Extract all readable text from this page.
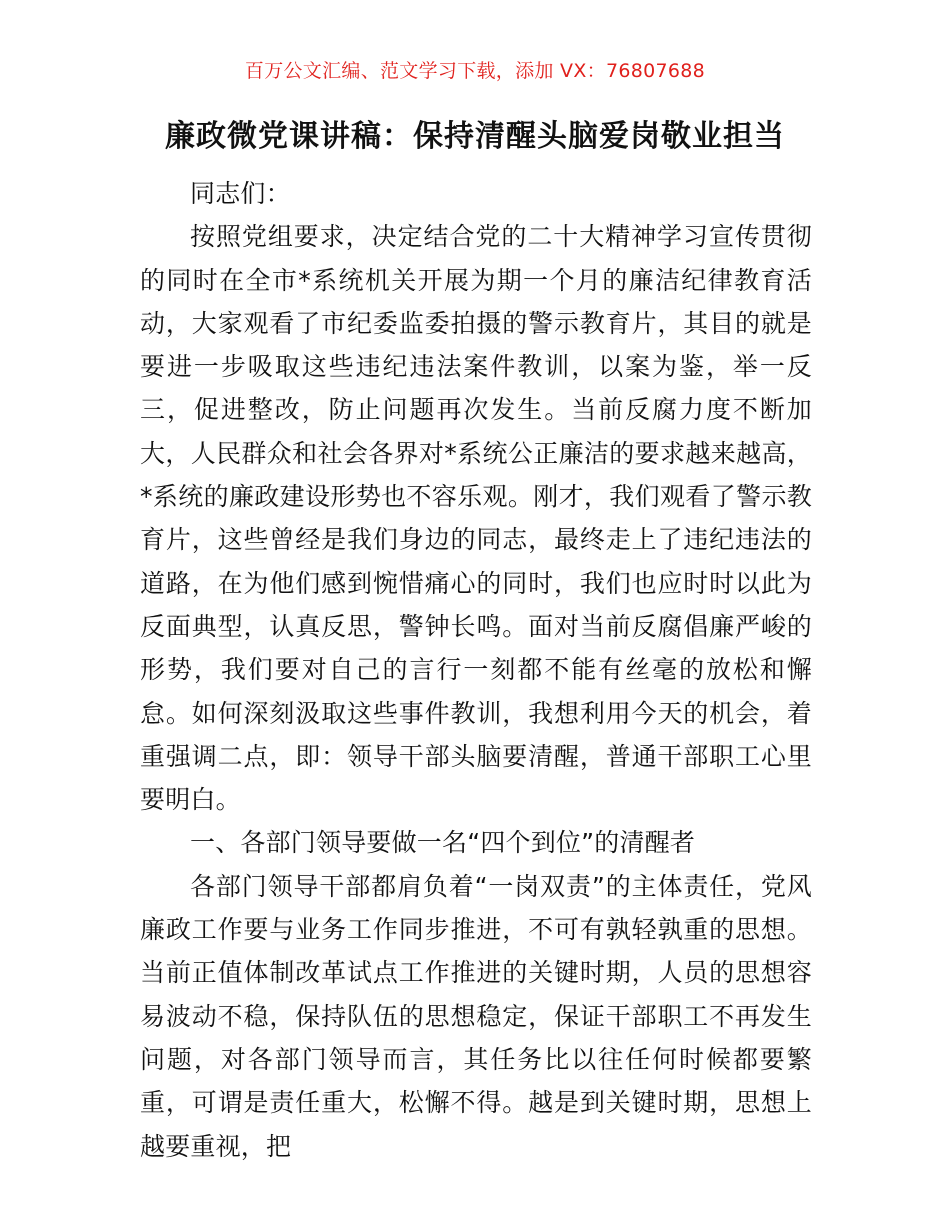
百万公文汇编、范文学习下载，添加 VX：76807688
廉政微党课讲稿：保持清醒头脑爱岗敬业担当

同志们：

按照党组要求，决定结合党的二十大精神学习宣传贯彻的同时在全市*系统机关开展为期一个月的廉洁纪律教育活动，大家观看了市纪委监委拍摄的警示教育片，其目的就是要进一步吸取这些违纪违法案件教训，以案为鉴，举一反三，促进整改，防止问题再次发生。当前反腐力度不断加大，人民群众和社会各界对*系统公正廉洁的要求越来越高，*系统的廉政建设形势也不容乐观。刚才，我们观看了警示教育片，这些曾经是我们身边的同志，最终走上了违纪违法的道路，在为他们感到惋惜痛心的同时，我们也应时时以此为反面典型，认真反思，警钟长鸣。面对当前反腐倡廉严峻的形势，我们要对自己的言行一刻都不能有丝毫的放松和懈怠。如何深刻汲取这些事件教训，我想利用今天的机会，着重强调二点，即：领导干部头脑要清醒，普通干部职工心里要明白。

一、各部门领导要做一名“四个到位”的清醒者

各部门领导干部都肩负着“一岗双责”的主体责任，党风廉政工作要与业务工作同步推进，不可有孰轻孰重的思想。当前正值体制改革试点工作推进的关键时期，人员的思想容易波动不稳，保持队伍的思想稳定，保证干部职工不再发生问题，对各部门领导而言，其任务比以往任何时候都要繁重，可谓是责任重大，松懈不得。越是到关键时期，思想上越要重视，把
